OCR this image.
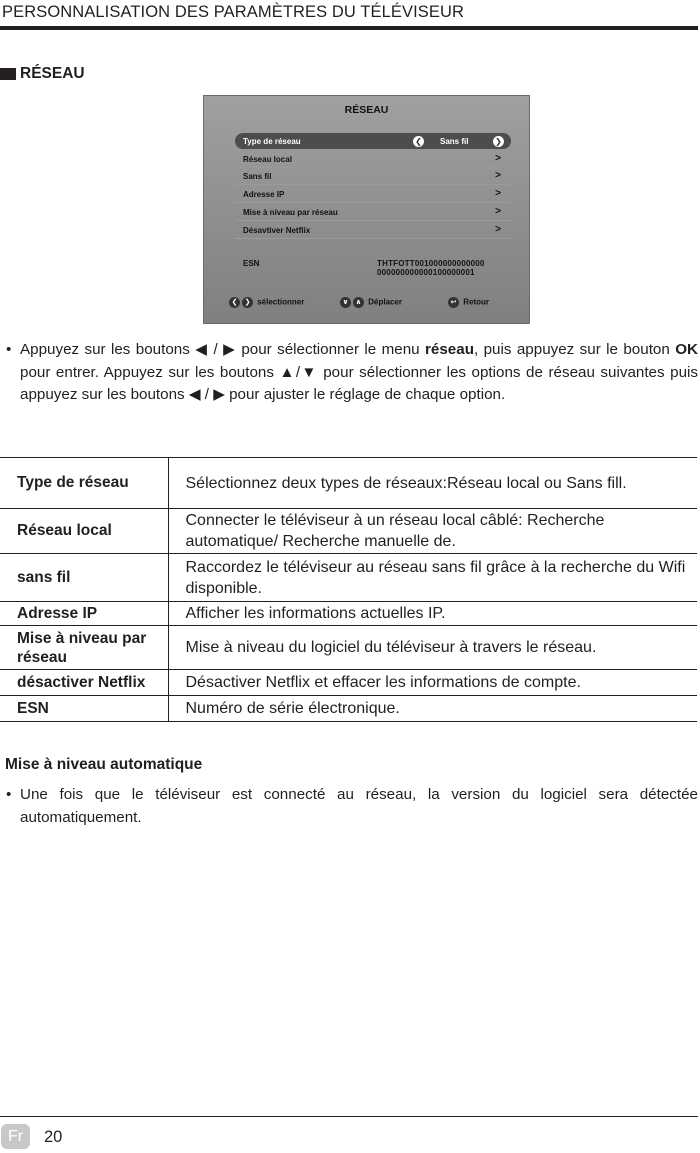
PERSONNALISATION DES PARAMÈTRES DU TÉLÉVISEUR
RÉSEAU
RÉSEAU
Type de réseau	❮ Sans fil	❯
Réseau local	>
Sans fil	>
Adresse IP	>
Mise à niveau par réseau	>
Désavtiver Netflix	>
ESN	THTFOTT001000000000000
000000000000100000001
❮ ❯ sélectionner	∨ ∧ Déplacer	↩ Retour
• Appuyez sur les boutons ◀ / ▶ pour sélectionner le menu réseau, puis appuyez sur le bouton OK pour entrer. Appuyez sur les boutons ▲/▼ pour sélectionner les options de réseau suivantes puis appuyez sur les boutons ◀ / ▶ pour ajuster le réglage de chaque option.
Type de réseau	Sélectionnez deux types de réseaux:Réseau local ou Sans fill.
Réseau local	Connecter le téléviseur à un réseau local câblé: Recherche automatique/ Recherche manuelle de.
sans fil	Raccordez le téléviseur au réseau sans fil grâce à la recherche du Wifi disponible.
Adresse IP	Afficher les informations actuelles IP.
Mise à niveau par réseau	Mise à niveau du logiciel du téléviseur à travers le réseau.
désactiver Netflix	Désactiver Netflix et effacer les informations de compte.
ESN	Numéro de série électronique.
Mise à niveau automatique
• Une fois que le téléviseur est connecté au réseau, la version du logiciel sera détectée automatiquement.
Fr	20
